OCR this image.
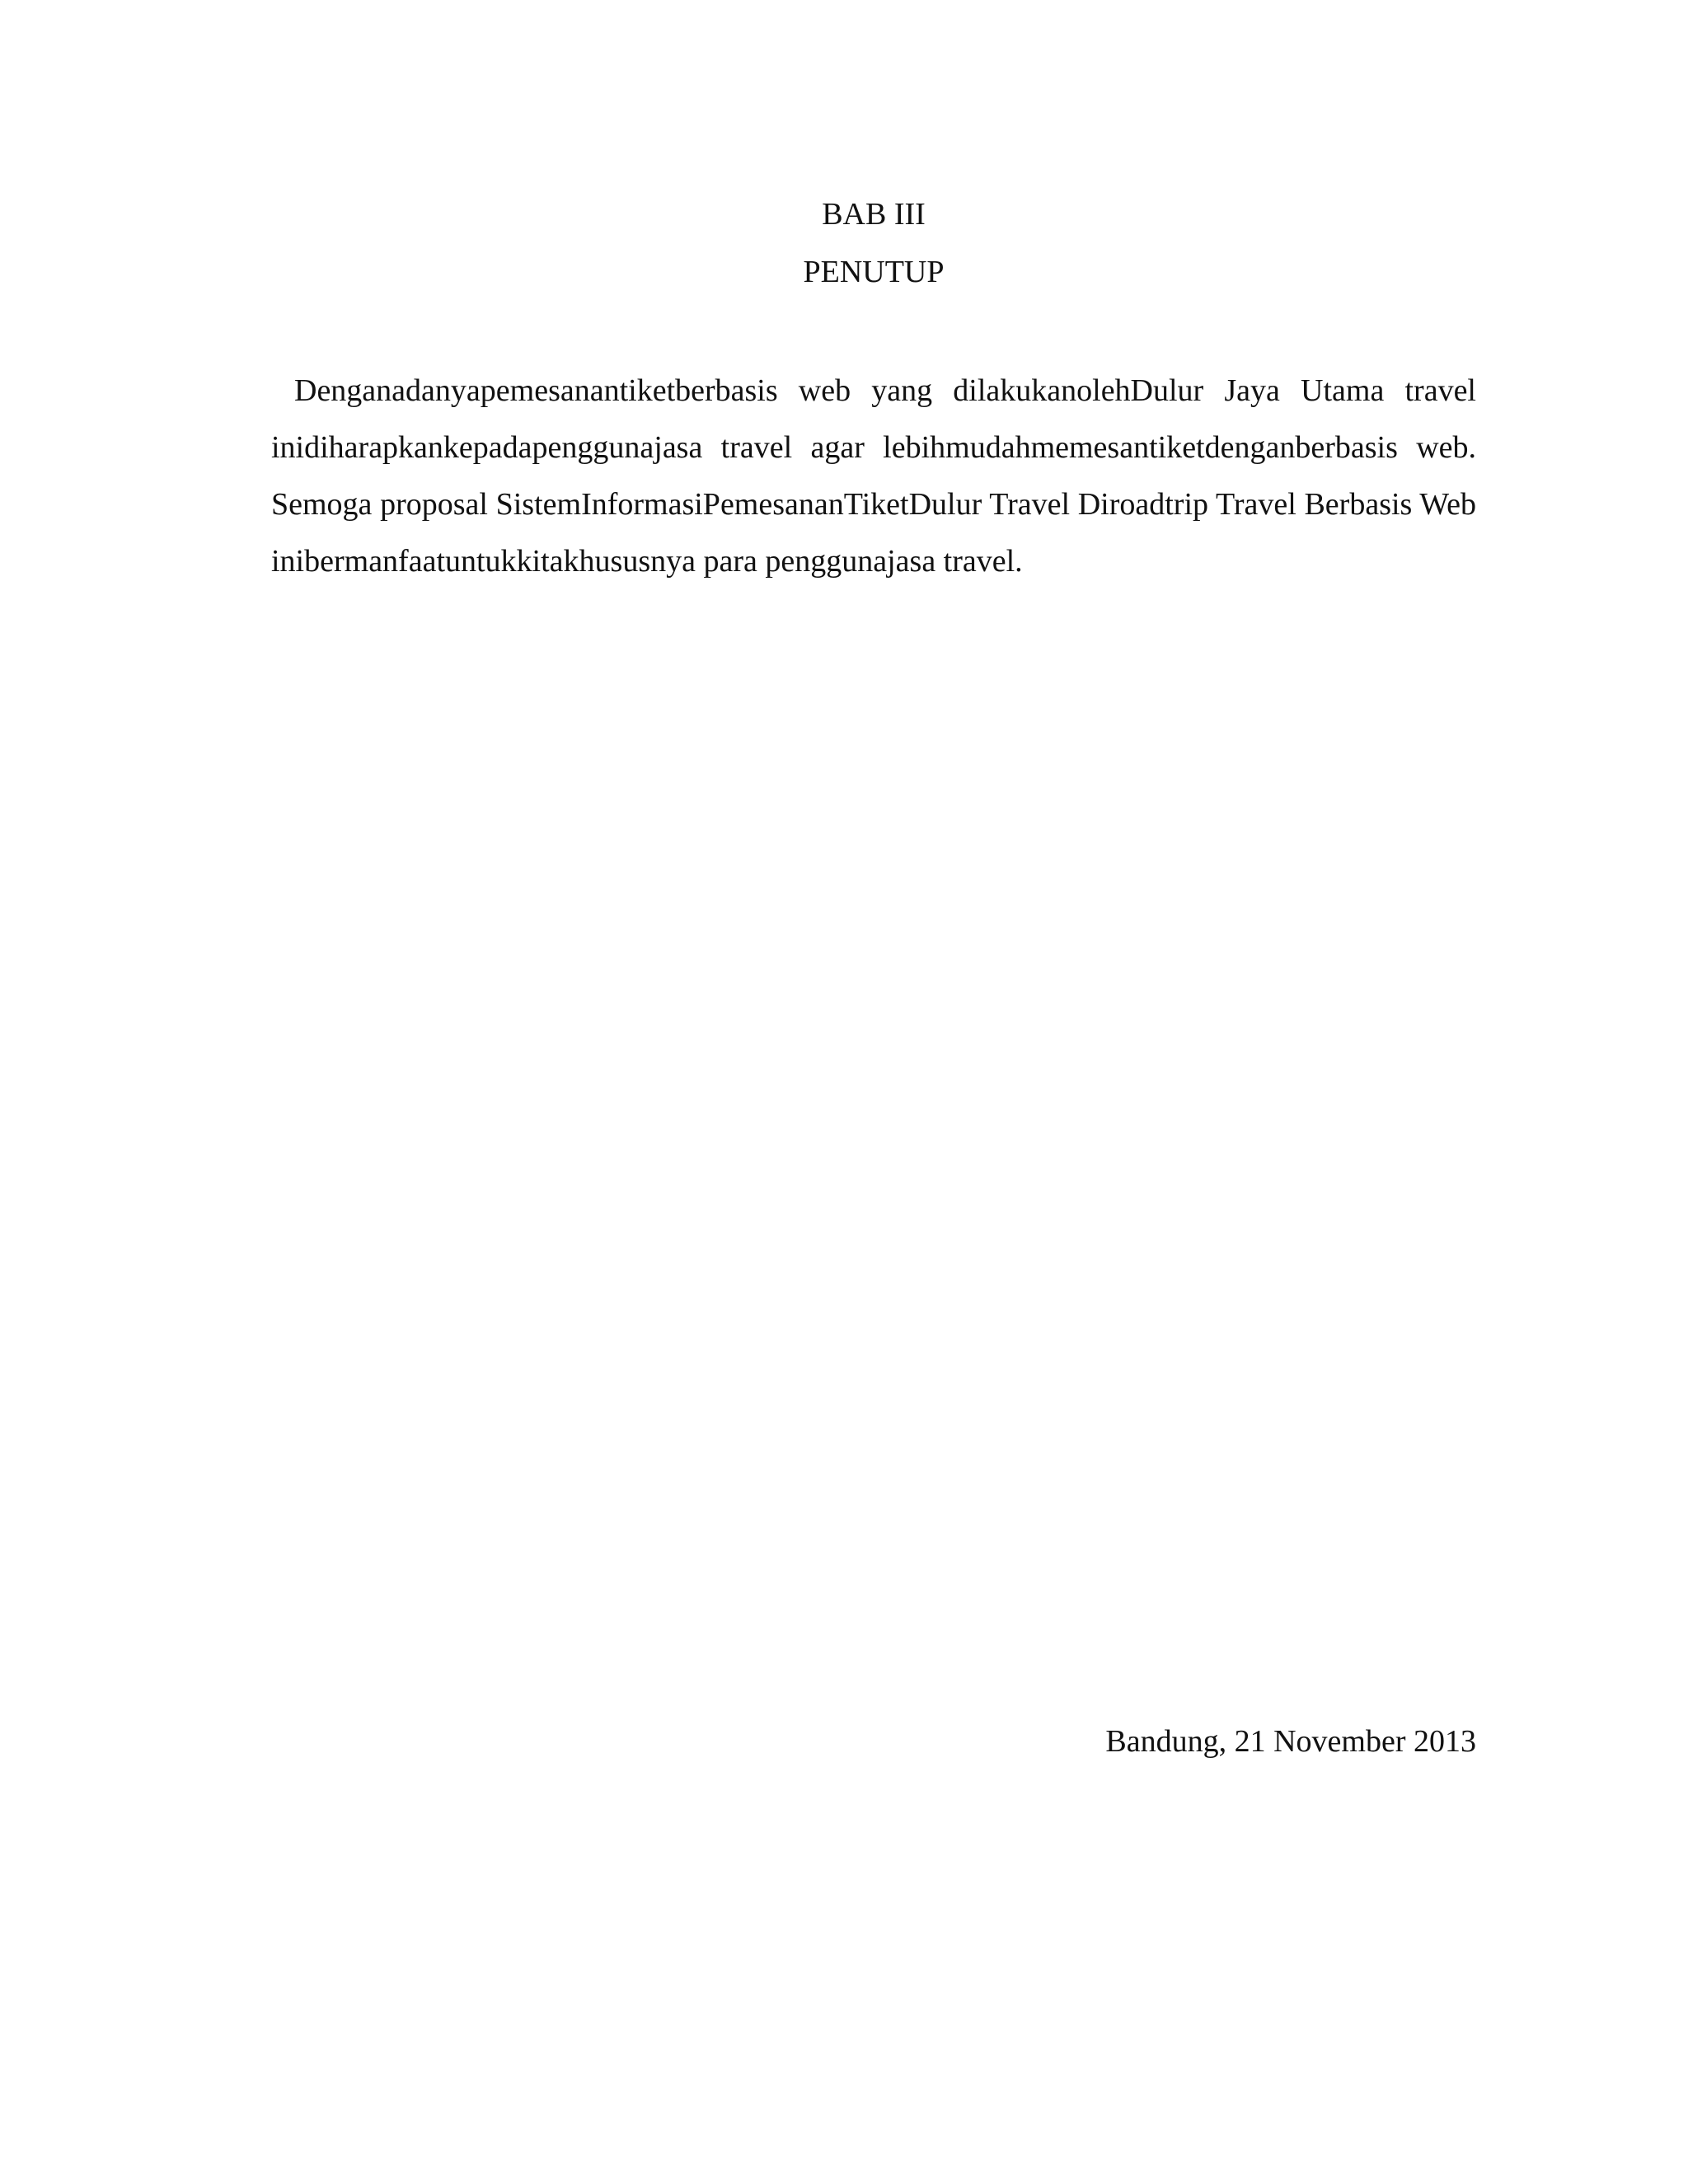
BAB III
PENUTUP

Denganadanyapemesanantiketberbasis web yang dilakukanolehDulur Jaya Utama travel inidiharapkankepadapenggunajasa travel agar lebihmudahmemesantiketdenganberbasis web. Semoga proposal SistemInformasiPemesananTiketDulur Travel Diroadtrip Travel Berbasis Web inibermanfaatuntukkitakhususnya para penggunajasa travel.

Bandung, 21 November 2013
